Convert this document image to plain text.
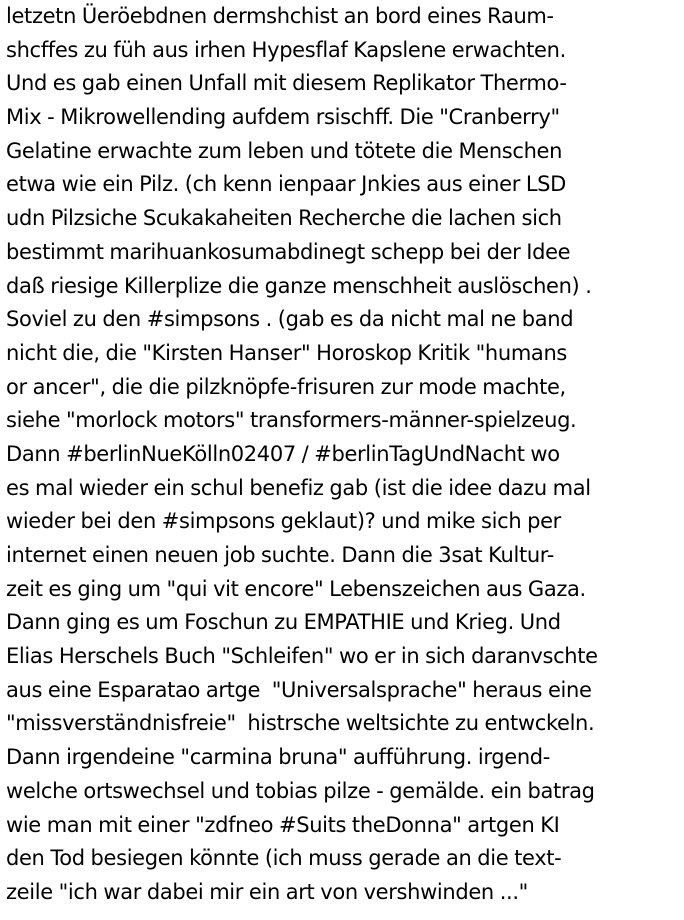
letzetn Üeröebdnen dermshchist an bord eines Raum-
shcffes zu füh aus irhen Hypesflaf Kapslene erwachten.
Und es gab einen Unfall mit diesem Replikator Thermo-
Mix - Mikrowellending aufdem rsischff. Die "Cranberry"
Gelatine erwachte zum leben und tötete die Menschen
etwa wie ein Pilz. (ch kenn ienpaar Jnkies aus einer LSD
udn Pilzsiche Scukakaheiten Recherche die lachen sich
bestimmt marihuankosumabdinegt schepp bei der Idee
daß riesige Killerplize die ganze menschheit auslöschen) .
Soviel zu den #simpsons . (gab es da nicht mal ne band
nicht die, die "Kirsten Hanser" Horoskop Kritik "humans
or ancer", die die pilzknöpfe-frisuren zur mode machte,
siehe "morlock motors" transformers-männer-spielzeug.
Dann #berlinNueKölln02407 / #berlinTagUndNacht wo
es mal wieder ein schul benefiz gab (ist die idee dazu mal
wieder bei den #simpsons geklaut)? und mike sich per
internet einen neuen job suchte. Dann die 3sat Kultur-
zeit es ging um "qui vit encore" Lebenszeichen aus Gaza.
Dann ging es um Foschun zu EMPATHIE und Krieg. Und
Elias Herschels Buch "Schleifen" wo er in sich daranvschte
aus eine Esparatao artge  "Universalsprache" heraus eine
"missverständnisfreie"  histrsche weltsichte zu entwckeln.
Dann irgendeine "carmina bruna" aufführung. irgend-
welche ortswechsel und tobias pilze - gemälde. ein batrag
wie man mit einer "zdfneo #Suits theDonna" artgen KI
den Tod besiegen könnte (ich muss gerade an die text-
zeile "ich war dabei mir ein art von vershwinden ..."
